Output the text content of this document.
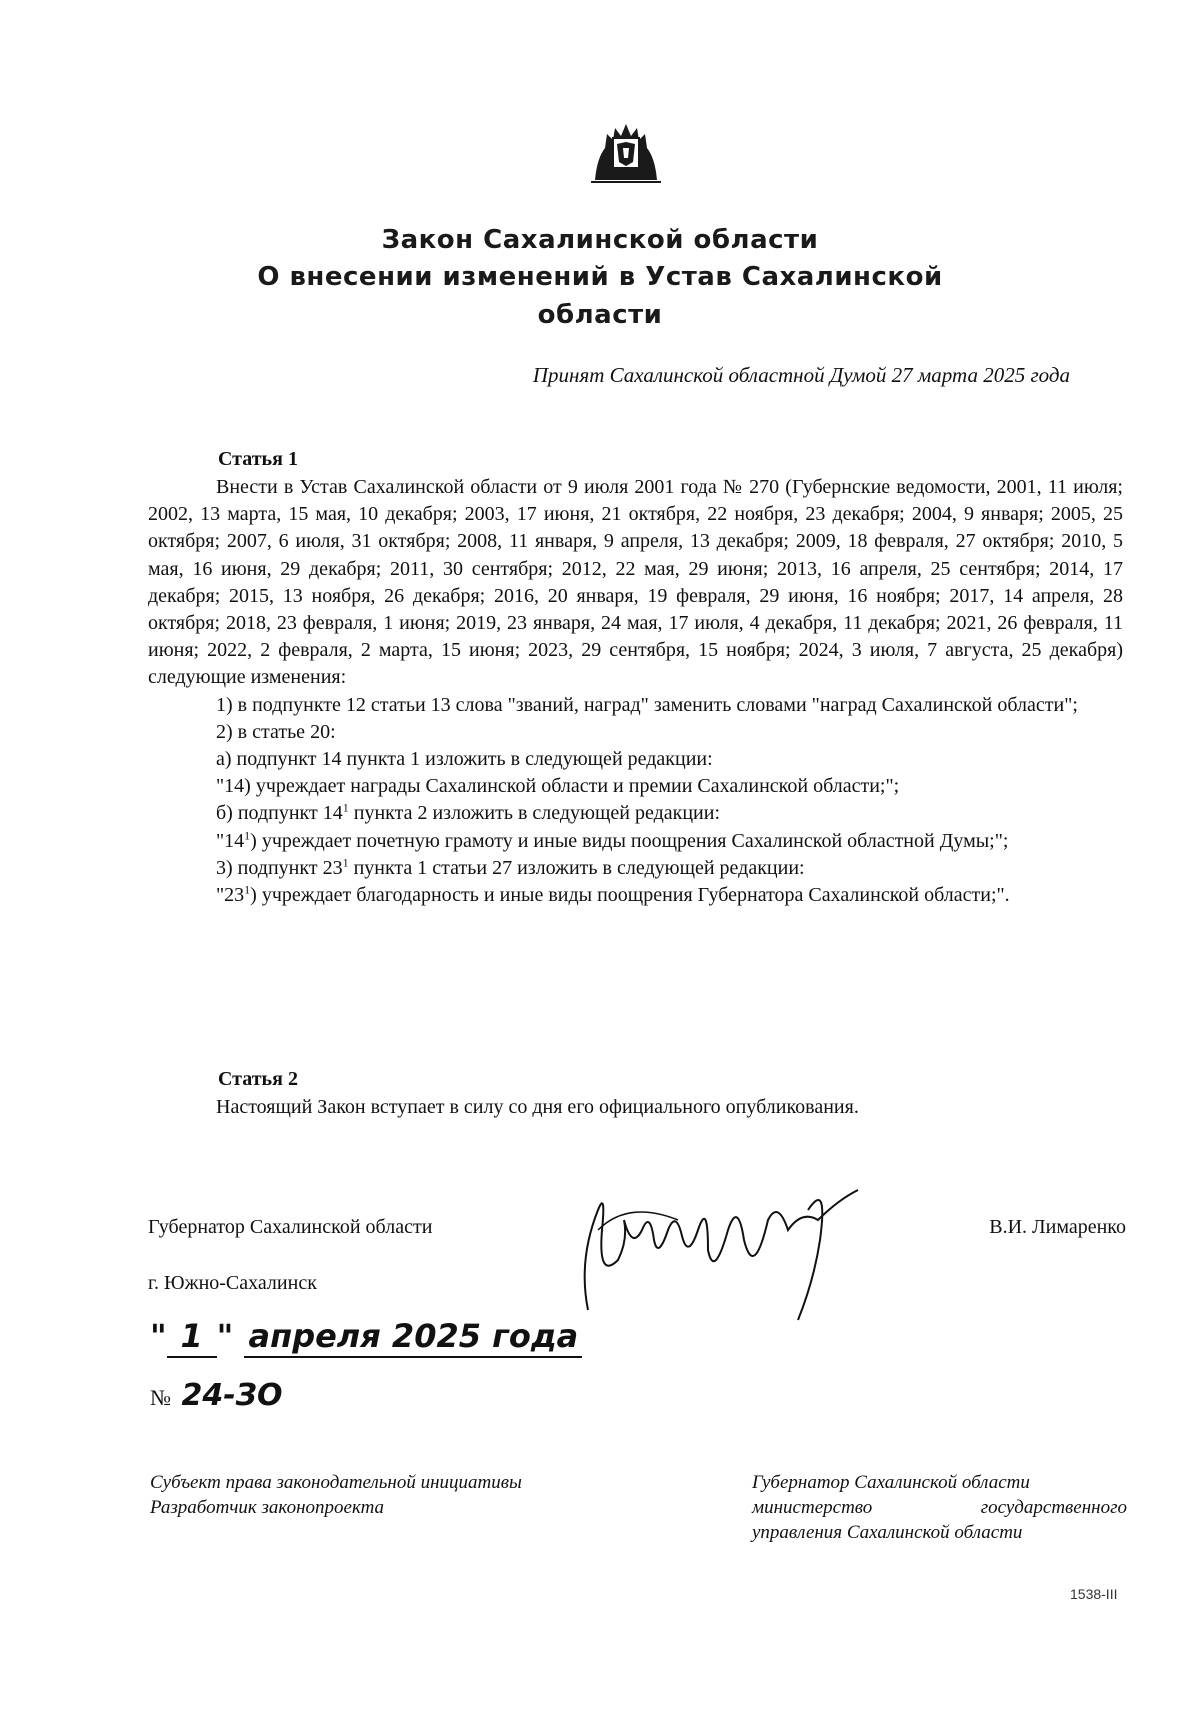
Закон Сахалинской области
О внесении изменений в Устав Сахалинской области
Принят Сахалинской областной Думой 27 марта 2025 года
Статья 1

Внести в Устав Сахалинской области от 9 июля 2001 года № 270 (Губернские ведомости, 2001, 11 июля; 2002, 13 марта, 15 мая, 10 декабря; 2003, 17 июня, 21 октября, 22 ноября, 23 декабря; 2004, 9 января; 2005, 25 октября; 2007, 6 июля, 31 октября; 2008, 11 января, 9 апреля, 13 декабря; 2009, 18 февраля, 27 октября; 2010, 5 мая, 16 июня, 29 декабря; 2011, 30 сентября; 2012, 22 мая, 29 июня; 2013, 16 апреля, 25 сентября; 2014, 17 декабря; 2015, 13 ноября, 26 декабря; 2016, 20 января, 19 февраля, 29 июня, 16 ноября; 2017, 14 апреля, 28 октября; 2018, 23 февраля, 1 июня; 2019, 23 января, 24 мая, 17 июля, 4 декабря, 11 декабря; 2021, 26 февраля, 11 июня; 2022, 2 февраля, 2 марта, 15 июня; 2023, 29 сентября, 15 ноября; 2024, 3 июля, 7 августа, 25 декабря) следующие изменения:

1) в подпункте 12 статьи 13 слова "званий, наград" заменить словами "наград Сахалинской области";

2) в статье 20:

а) подпункт 14 пункта 1 изложить в следующей редакции:

"14) учреждает награды Сахалинской области и премии Сахалинской области;";

б) подпункт $14^1$ пункта 2 изложить в следующей редакции:

"$14^1$) учреждает почетную грамоту и иные виды поощрения Сахалинской областной Думы;";

3) подпункт $23^1$ пункта 1 статьи 27 изложить в следующей редакции:

"$23^1$) учреждает благодарность и иные виды поощрения Губернатора Сахалинской области;".

Статья 2

Настоящий Закон вступает в силу со дня его официального опубликования.

Губернатор Сахалинской области	В.И. Лимаренко
г. Южно-Сахалинск
" 1 " апреля 2025 года
№ 24-ЗО
Субъект права законодательной инициативы
Разработчик законопроекта
Губернатор Сахалинской области
министерство	государственного
управления Сахалинской области
1538-III
